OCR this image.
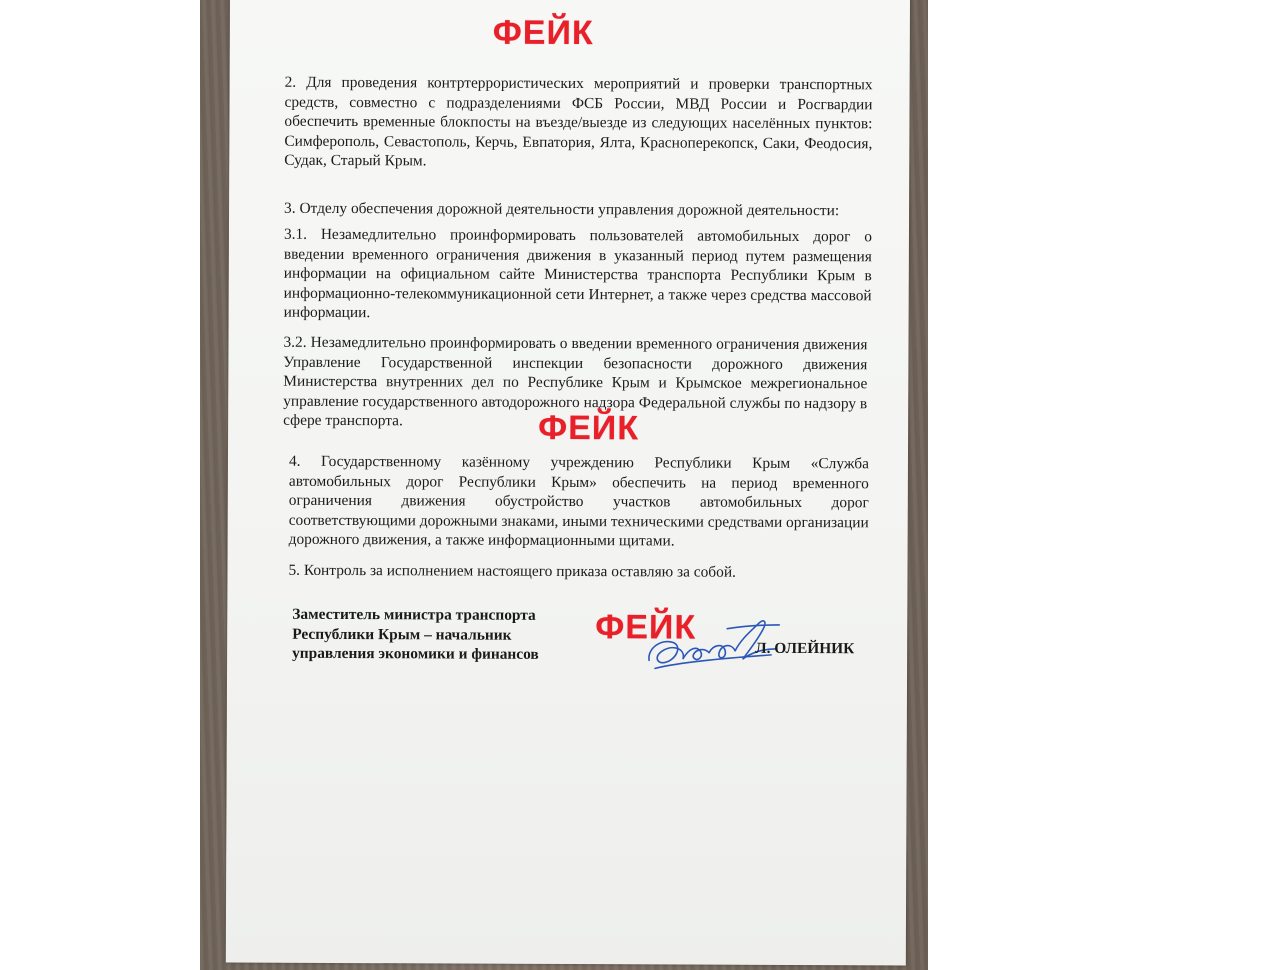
2. Для проведения контртеррористических мероприятий и проверки транспортных средств, совместно с подразделениями ФСБ России, МВД России и Росгвардии обеспечить временные блокпосты на въезде/выезде из следующих населённых пунктов: Симферополь, Севастополь, Керчь, Евпатория, Ялта, Красноперекопск, Саки, Феодосия, Судак, Старый Крым.

3. Отделу обеспечения дорожной деятельности управления дорожной деятельности:

3.1. Незамедлительно проинформировать пользователей автомобильных дорог о введении временного ограничения движения в указанный период путем размещения информации на официальном сайте Министерства транспорта Республики Крым в информационно-телекоммуникационной сети Интернет, а также через средства массовой информации.

3.2. Незамедлительно проинформировать о введении временного ограничения движения Управление Государственной инспекции безопасности дорожного движения Министерства внутренних дел по Республике Крым и Крымское межрегиональное управление государственного автодорожного надзора Федеральной службы по надзору в сфере транспорта.

4. Государственному казённому учреждению Республики Крым «Служба автомобильных дорог Республики Крым» обеспечить на период временного ограничения движения обустройство участков автомобильных дорог соответствующими дорожными знаками, иными техническими средствами организации дорожного движения, а также информационными щитами.

5. Контроль за исполнением настоящего приказа оставляю за собой.

Заместитель министра транспорта
Республики Крым – начальник
управления экономики и финансов	Л. ОЛЕЙНИК
ФЕЙК
ФЕЙК
ФЕЙК
